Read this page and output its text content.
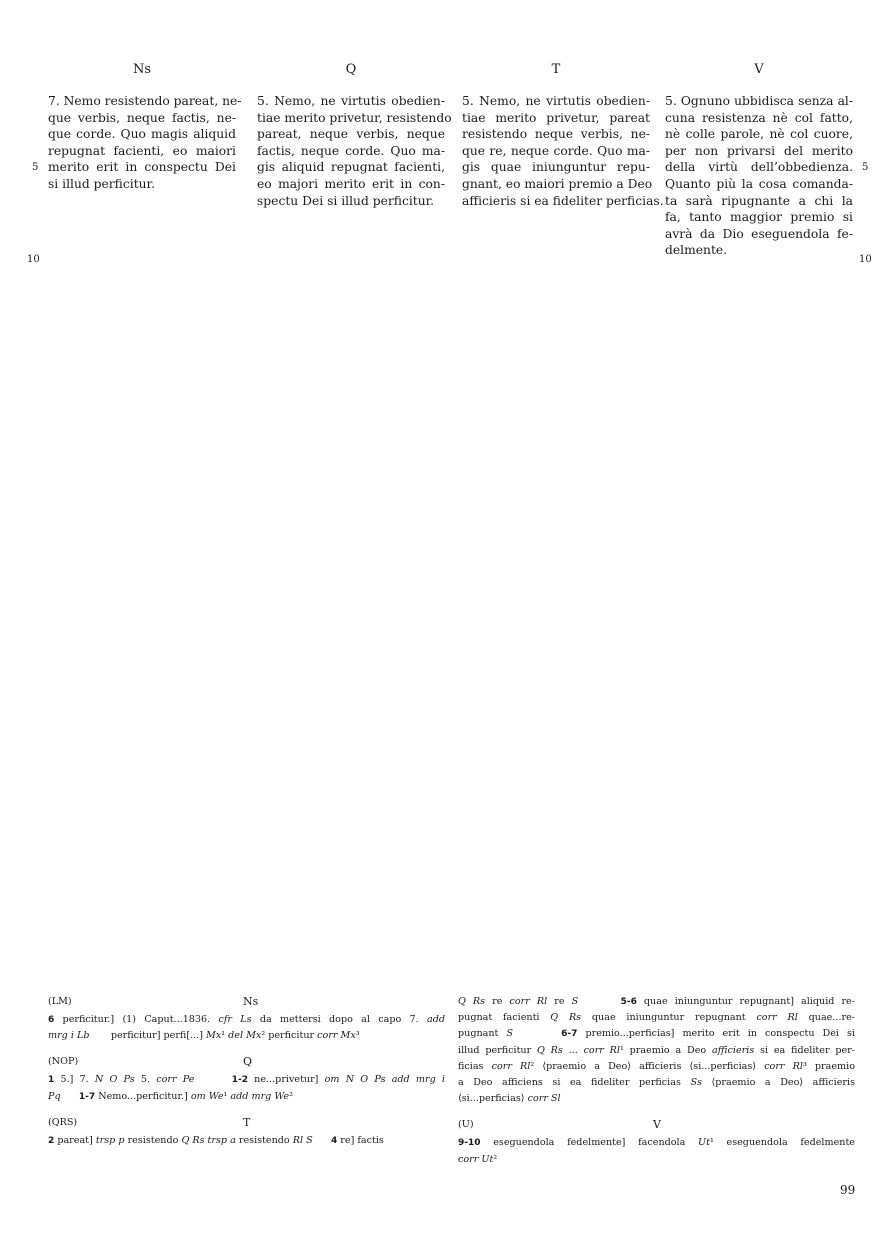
Ns
7. Nemo resistendo pareat, ne-
que verbis, neque factis, ne-
que corde. Quo magis aliquid
repugnat facienti, eo maiori
merito erit in conspectu Dei
si illud perficitur.
Q
5. Nemo, ne virtutis obedien-
tiae merito privetur, resistendo
pareat, neque verbis, neque
factis, neque corde. Quo ma-
gis aliquid repugnat facienti,
eo majori merito erit in con-
spectu Dei si illud perficitur.
T
5. Nemo, ne virtutis obedien-
tiae merito privetur, pareat
resistendo neque verbis, ne-
que re, neque corde. Quo ma-
gis quae iniunguntur repu-
gnant, eo maiori premio a Deo
afficieris si ea fideliter perficias.
V
5. Ognuno ubbidisca senza al-
cuna resistenza nè col fatto,
nè colle parole, nè col cuore,
per non privarsi del merito
della virtù dell’obbedienza.
Quanto più la cosa comanda-
ta sarà ripugnante a chi la
fa, tanto maggior premio si
avrà da Dio eseguendola fe-
delmente.
5
10
5
10
(LM)	Ns
6 perficitur.] (1) Caput...1836. cfr Ls da mettersi dopo al capo 7. add
mrg i Lb       perficitur] perfi[...] Mx¹ del Mx² perficitur corr Mx³
(NOP)	Q
1 5.] 7. N O Ps 5. corr Pe	1-2 ne...privetur] om N O Ps add mrg i
Pq 1-7 Nemo...perficitur.] om We¹ add mrg We²
(QRS)	T
2 pareat] trsp p resistendo Q Rs trsp a resistendo Rl S 4 re] factis
Q Rs re corr Rl re S	5-6 quae iniunguntur repugnant] aliquid re-
pugnat facienti Q Rs quae iniunguntur repugnant corr Rl quae...re-
pugnant S	6-7 premio...perficias] merito erit in conspectu Dei si
illud perficitur Q Rs ... corr Rl¹ praemio a Deo afficieris si ea fideliter per-
ficias corr Rl² ⟨praemio a Deo⟩ afficieris ⟨si...perficias⟩ corr Rl³ praemio
a Deo afficiens si ea fideliter perficias Ss ⟨praemio a Deo⟩ afficieris
⟨si...perficias⟩ corr Sl
(U)	V
9-10 eseguendola fedelmente] facendola Ut¹ eseguendola fedelmente
corr Ut²
99
